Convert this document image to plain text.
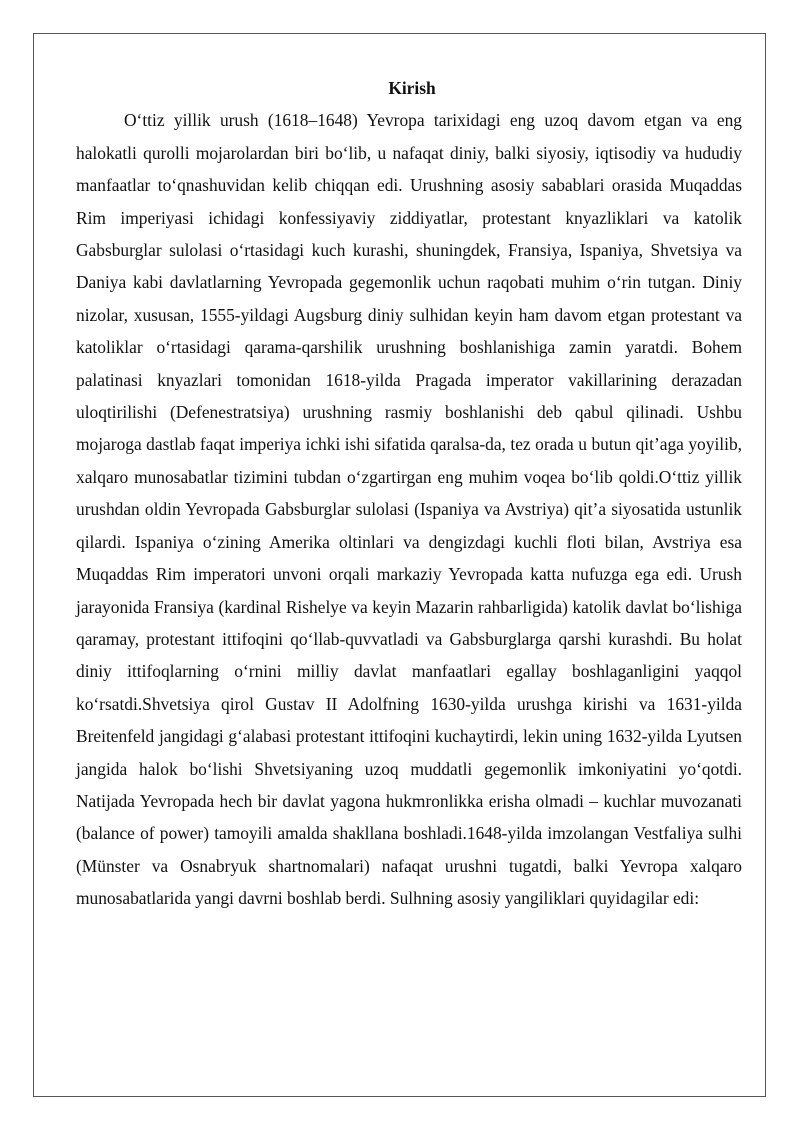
Kirish

O‘ttiz yillik urush (1618–1648) Yevropa tarixidagi eng uzoq davom etgan va eng halokatli qurolli mojarolardan biri bo‘lib, u nafaqat diniy, balki siyosiy, iqtisodiy va hududiy manfaatlar to‘qnashuvidan kelib chiqqan edi. Urushning asosiy sabablari orasida Muqaddas Rim imperiyasi ichidagi konfessiyaviy ziddiyatlar, protestant knyazliklari va katolik Gabsburglar sulolasi o‘rtasidagi kuch kurashi, shuningdek, Fransiya, Ispaniya, Shvetsiya va Daniya kabi davlatlarning Yevropada gegemonlik uchun raqobati muhim o‘rin tutgan. Diniy nizolar, xususan, 1555-yildagi Augsburg diniy sulhidan keyin ham davom etgan protestant va katoliklar o‘rtasidagi qarama-qarshilik urushning boshlanishiga zamin yaratdi. Bohem palatinasi knyazlari tomonidan 1618-yilda Pragada imperator vakillarining derazadan uloqtirilishi (Defenestratsiya) urushning rasmiy boshlanishi deb qabul qilinadi. Ushbu mojaroga dastlab faqat imperiya ichki ishi sifatida qaralsa-da, tez orada u butun qit’aga yoyilib, xalqaro munosabatlar tizimini tubdan o‘zgartirgan eng muhim voqea bo‘lib qoldi.O‘ttiz yillik urushdan oldin Yevropada Gabsburglar sulolasi (Ispaniya va Avstriya) qit’a siyosatida ustunlik qilardi. Ispaniya o‘zining Amerika oltinlari va dengizdagi kuchli floti bilan, Avstriya esa Muqaddas Rim imperatori unvoni orqali markaziy Yevropada katta nufuzga ega edi. Urush jarayonida Fransiya (kardinal Rishelye va keyin Mazarin rahbarligida) katolik davlat bo‘lishiga qaramay, protestant ittifoqini qo‘llab-quvvatladi va Gabsburglarga qarshi kurashdi. Bu holat diniy ittifoqlarning o‘rnini milliy davlat manfaatlari egallay boshlaganligini yaqqol ko‘rsatdi.Shvetsiya qirol Gustav II Adolfning 1630-yilda urushga kirishi va 1631-yilda Breitenfeld jangidagi g‘alabasi protestant ittifoqini kuchaytirdi, lekin uning 1632-yilda Lyutsen jangida halok bo‘lishi Shvetsiyaning uzoq muddatli gegemonlik imkoniyatini yo‘qotdi. Natijada Yevropada hech bir davlat yagona hukmronlikka erisha olmadi – kuchlar muvozanati (balance of power) tamoyili amalda shakllana boshladi.1648-yilda imzolangan Vestfaliya sulhi (Münster va Osnabryuk shartnomalari) nafaqat urushni tugatdi, balki Yevropa xalqaro munosabatlarida yangi davrni boshlab berdi. Sulhning asosiy yangiliklari quyidagilar edi:
